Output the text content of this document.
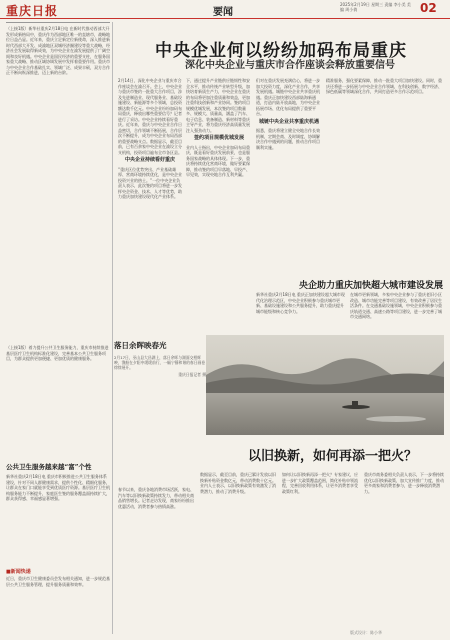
重庆日报	要闻
2025年2月19日 星期三 责编 李小美 美编 周小倩	02
（上接1版）新华社重庆2月18日电 在新时代推动西部大开发形成新格局中，重庆作为西部地区唯一的直辖市，战略地位日益凸显。近年来，重庆立足新定位新使命，深入推进新时代西部大开发、成渝地区双城经济圈建设等重大战略，经济社会发展取得新成效，为中央企业在渝发展提供了广阔空间和良好机遇。中央企业是国民经济的重要支柱，在服务国家重大战略、推动区域协调发展中发挥着重要作用。重庆市与中央企业合作基础扎实、领域广泛、成果丰硕，双方合作正不断向纵深推进，迈上新的台阶。
（上接1版）着力提升公共卫生服务能力，重庆市持续推进基层医疗卫生机构标准化建设，完善基本公共卫生服务项目，为群众提供更加便捷、更加优质的健康服务。
公共卫生服务越来越“富”个性
新华社重庆2月18日电 重庆市积极推进公共卫生服务体系建设，针对不同人群健康需求，提供个性化、精细化服务，让群众在家门口就能享受到优质医疗资源。基层医疗卫生机构服务能力不断提升，家庭医生签约服务覆盖面持续扩大，群众获得感、幸福感显著增强。
■新闻快递
近日，重庆市卫生健康委员会发布相关通知，进一步规范基层公共卫生服务管理，提升服务质量和效率。
中央企业何以纷纷加码布局重庆
深化中央企业与重庆市合作座谈会释放重要信号
2月14日，深化中央企业与重庆市合作座谈会在渝召开。会上，中央企业与重庆市签约一批重大合作项目，涉及先进制造业、现代服务业、基础设施建设、新能源等多个领域，总投资额达数千亿元。中央企业纷纷加码布局重庆，释放出哪些重要信号？记者进行了采访。中央企业持续看好重庆。近年来，重庆与中央企业合作日益密切，合作领域不断拓展，合作层次不断提升，成为中央企业布局西部的重要战略支点。数据显示，截至目前，已有百余家中央企业在渝设立分支机构，投资项目遍布全市各区县。
中央企业持续看好重庆
“重庆区位优势突出、产业基础雄厚、营商环境持续优化，是中央企业投资兴业的热土。”一位中央企业负责人表示，此次签约项目将进一步发挥央企资金、技术、人才等优势，助力重庆加快建设现代化产业体系。
下，通过提升产业链供应链韧性和安全水平，推动传统产业转型升级，加快培育新质生产力，中央企业在重庆的布局将更加注重质量和效益，更加注重科技创新和产业协同。签约项目规模优城发展，本次签约项目数量多、规模大、质量高，涵盖了汽车、电子信息、装备制造、新材料等重庆主导产业，将为重庆经济高质量发展注入强劲动力。
签约项目规模优城发展
业内人士指出，中央企业加码布局重庆，既是看好重庆发展前景，也是服务国家战略的具体体现。下一步，重庆将持续优化营商环境，做好要素保障，推动签约项目早落地、早投产、早见效，实现央地合作互利共赢。
们对在重庆发展充满信心，将进一步加大投资力度，深化产业合作，共享发展机遇。城链中央企业共享重庆机遇。重庆正加快建设西部陆海新通道，打造内陆开放高地，为中央企业拓展市场、优化布局提供了重要平台。
城链中央企业共享重庆机遇
据悉，重庆将建立健全央地合作长效机制，定期会商、及时调度，协调解决合作中遇到的问题，推动合作项目顺利实施。
精准服务，强化要素保障，推动一批重大项目加快建设。同时，重庆还将进一步拓展与中央企业合作领域，在科技创新、数字经济、绿色低碳等领域深化合作，共同打造更多合作示范项目。
央企助力重庆加快超大城市建设发展
新华社重庆2月18日电 重庆正加快建设超大城市现代化治理示范区，中央企业积极参与重庆城市更新、基础设施建设和公共服务提升，助力重庆提升城市能级和核心竞争力。
在城市更新领域，多家中央企业参与了重庆老旧小区改造、城市功能完善等项目建设，有效改善了居民生活条件。在交通基础设施领域，中央企业积极参与重庆轨道交通、高速公路等项目建设，进一步完善了城市交通网络。
落日余晖映春光
2月17日，巫山县大昌湖上，落日余晖与湖面交相辉映，渔船在夕阳中缓缓前行，一幅宁静和谐的春日画卷徐徐展开。
重庆日报记者 摄
以旧换新，如何再添一把火？
春节以来，重庆各地消费市场活跃，家电、汽车等以旧换新政策持续发力，带动相关商品销售增长。记者走访发现，商家纷纷推出优惠活动，消费者参与热情高涨。
数据显示，截至目前，重庆已累计发放以旧换新补贴资金数亿元，带动消费数十亿元。业内人士表示，以旧换新政策有效激发了消费潜力，推动了消费升级。
如何让以旧换新再添一把火？专家建议，应进一步扩大政策覆盖范围，简化补贴申领流程，完善回收利用体系，让更多消费者享受政策红利。
重庆市商务委相关负责人表示，下一步将持续优化以旧换新政策，加大宣传推广力度，推动更多商家和消费者参与，进一步释放消费潜力。
版式设计：陈小华
